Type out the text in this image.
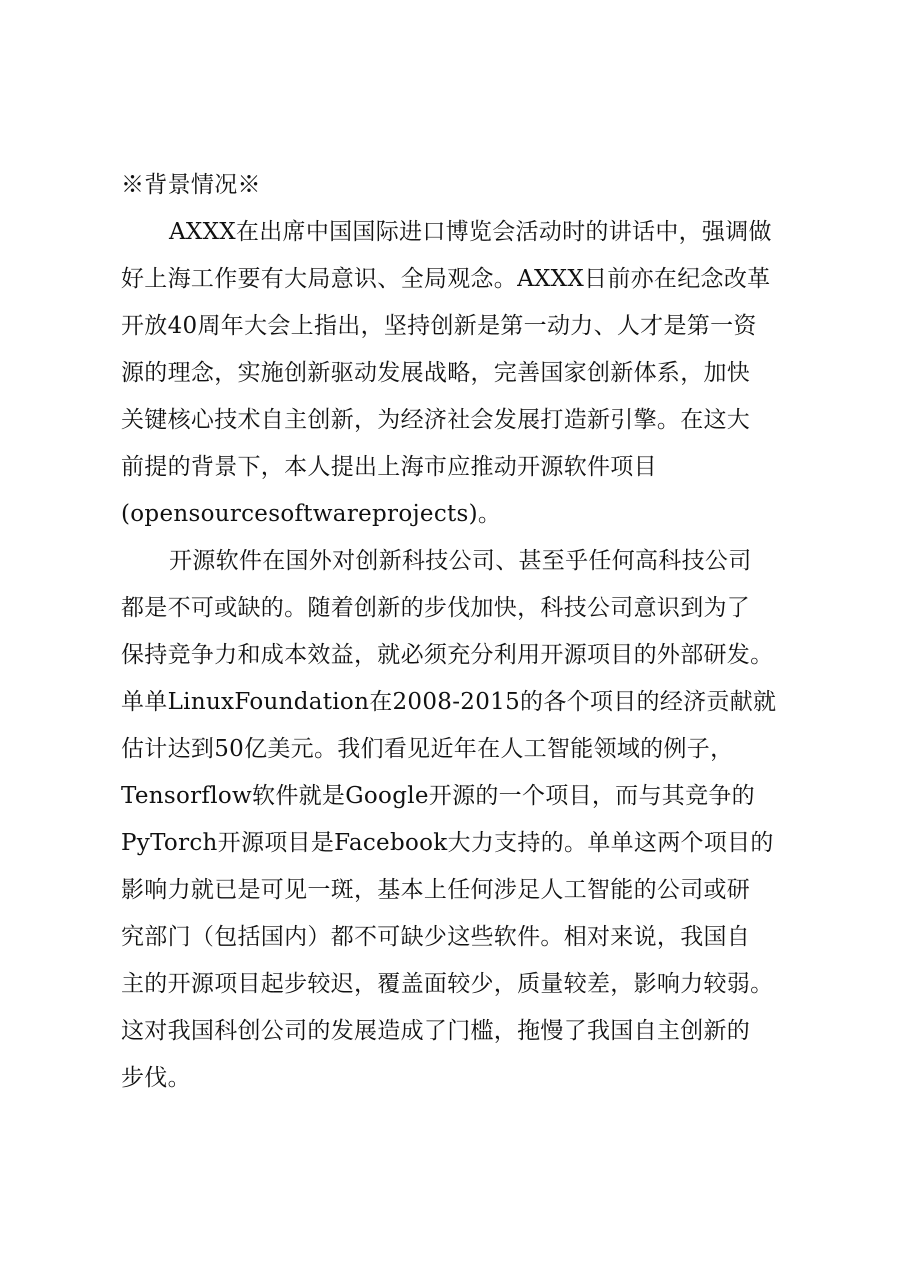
※背景情况※
AXXX在出席中国国际进口博览会活动时的讲话中，强调做
好上海工作要有大局意识、全局观念。AXXX日前亦在纪念改革
开放40周年大会上指出，坚持创新是第一动力、人才是第一资
源的理念，实施创新驱动发展战略，完善国家创新体系，加快
关键核心技术自主创新，为经济社会发展打造新引擎。在这大
前提的背景下，本人提出上海市应推动开源软件项目
(opensourcesoftwareprojects)。
开源软件在国外对创新科技公司、甚至乎任何高科技公司
都是不可或缺的。随着创新的步伐加快，科技公司意识到为了
保持竞争力和成本效益，就必须充分利用开源项目的外部研发。
单单LinuxFoundation在2008-2015的各个项目的经济贡献就
估计达到50亿美元。我们看见近年在人工智能领域的例子，
Tensorflow软件就是Google开源的一个项目，而与其竞争的
PyTorch开源项目是Facebook大力支持的。单单这两个项目的
影响力就已是可见一斑，基本上任何涉足人工智能的公司或研
究部门（包括国内）都不可缺少这些软件。相对来说，我国自
主的开源项目起步较迟，覆盖面较少，质量较差，影响力较弱。
这对我国科创公司的发展造成了门槛，拖慢了我国自主创新的
步伐。
